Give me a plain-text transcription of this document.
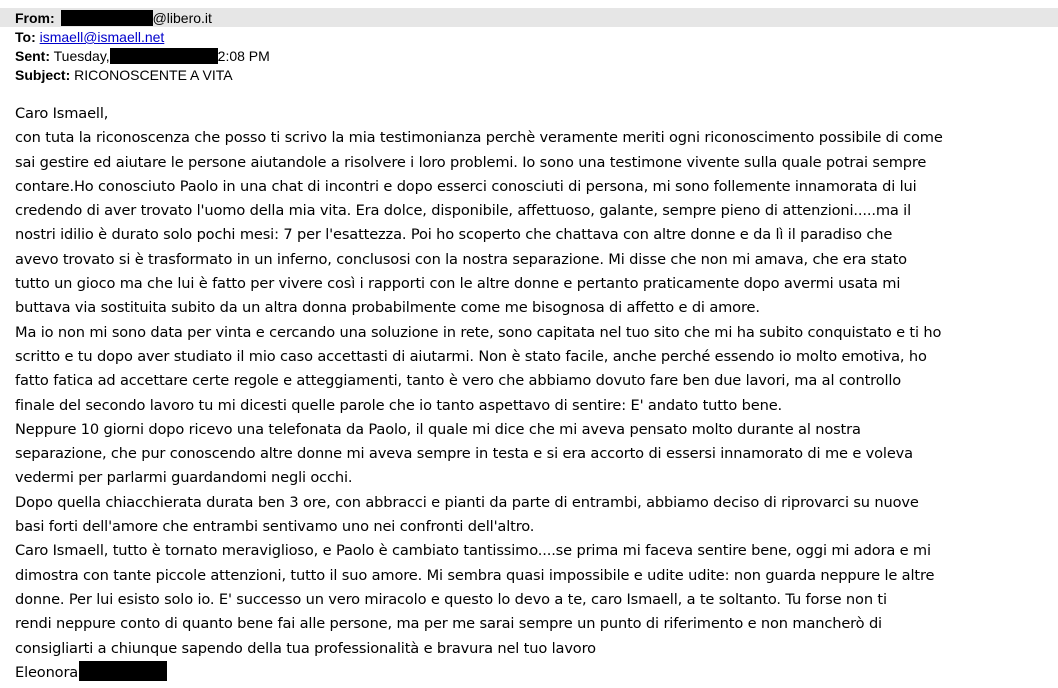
From:	@libero.it
To: ismaell@ismaell.net
Sent: Tuesday,	2:08 PM
Subject: RICONOSCENTE A VITA
Caro Ismaell,
con tuta la riconoscenza che posso ti scrivo la mia testimonianza perchè veramente meriti ogni riconoscimento possibile di come
sai gestire ed aiutare le persone aiutandole a risolvere i loro problemi. Io sono una testimone vivente sulla quale potrai sempre
contare.Ho conosciuto Paolo in una chat di incontri e dopo esserci conosciuti di persona, mi sono follemente innamorata di lui
credendo di aver trovato l'uomo della mia vita. Era dolce, disponibile, affettuoso, galante, sempre pieno di attenzioni.....ma il
nostri idilio è durato solo pochi mesi: 7 per l'esattezza. Poi ho scoperto che chattava con altre donne e da lì il paradiso che
avevo trovato si è trasformato in un inferno, conclusosi con la nostra separazione. Mi disse che non mi amava, che era stato
tutto un gioco ma che lui è fatto per vivere così i rapporti con le altre donne e pertanto praticamente dopo avermi usata mi
buttava via sostituita subito da un altra donna probabilmente come me bisognosa di affetto e di amore.
Ma io non mi sono data per vinta e cercando una soluzione in rete, sono capitata nel tuo sito che mi ha subito conquistato e ti ho
scritto e tu dopo aver studiato il mio caso accettasti di aiutarmi. Non è stato facile, anche perché essendo io molto emotiva, ho
fatto fatica ad accettare certe regole e atteggiamenti, tanto è vero che abbiamo dovuto fare ben due lavori, ma al controllo
finale del secondo lavoro tu mi dicesti quelle parole che io tanto aspettavo di sentire: E' andato tutto bene.
Neppure 10 giorni dopo ricevo una telefonata da Paolo, il quale mi dice che mi aveva pensato molto durante al nostra
separazione, che pur conoscendo altre donne mi aveva sempre in testa e si era accorto di essersi innamorato di me e voleva
vedermi per parlarmi guardandomi negli occhi.
Dopo quella chiacchierata durata ben 3 ore, con abbracci e pianti da parte di entrambi, abbiamo deciso di riprovarci su nuove
basi forti dell'amore che entrambi sentivamo uno nei confronti dell'altro.
Caro Ismaell, tutto è tornato meraviglioso, e Paolo è cambiato tantissimo....se prima mi faceva sentire bene, oggi mi adora e mi
dimostra con tante piccole attenzioni, tutto il suo amore. Mi sembra quasi impossibile e udite udite: non guarda neppure le altre
donne. Per lui esisto solo io. E' successo un vero miracolo e questo lo devo a te, caro Ismaell, a te soltanto. Tu forse non ti
rendi neppure conto di quanto bene fai alle persone, ma per me sarai sempre un punto di riferimento e non mancherò di
consigliarti a chiunque sapendo della tua professionalità e bravura nel tuo lavoro
Eleonora
